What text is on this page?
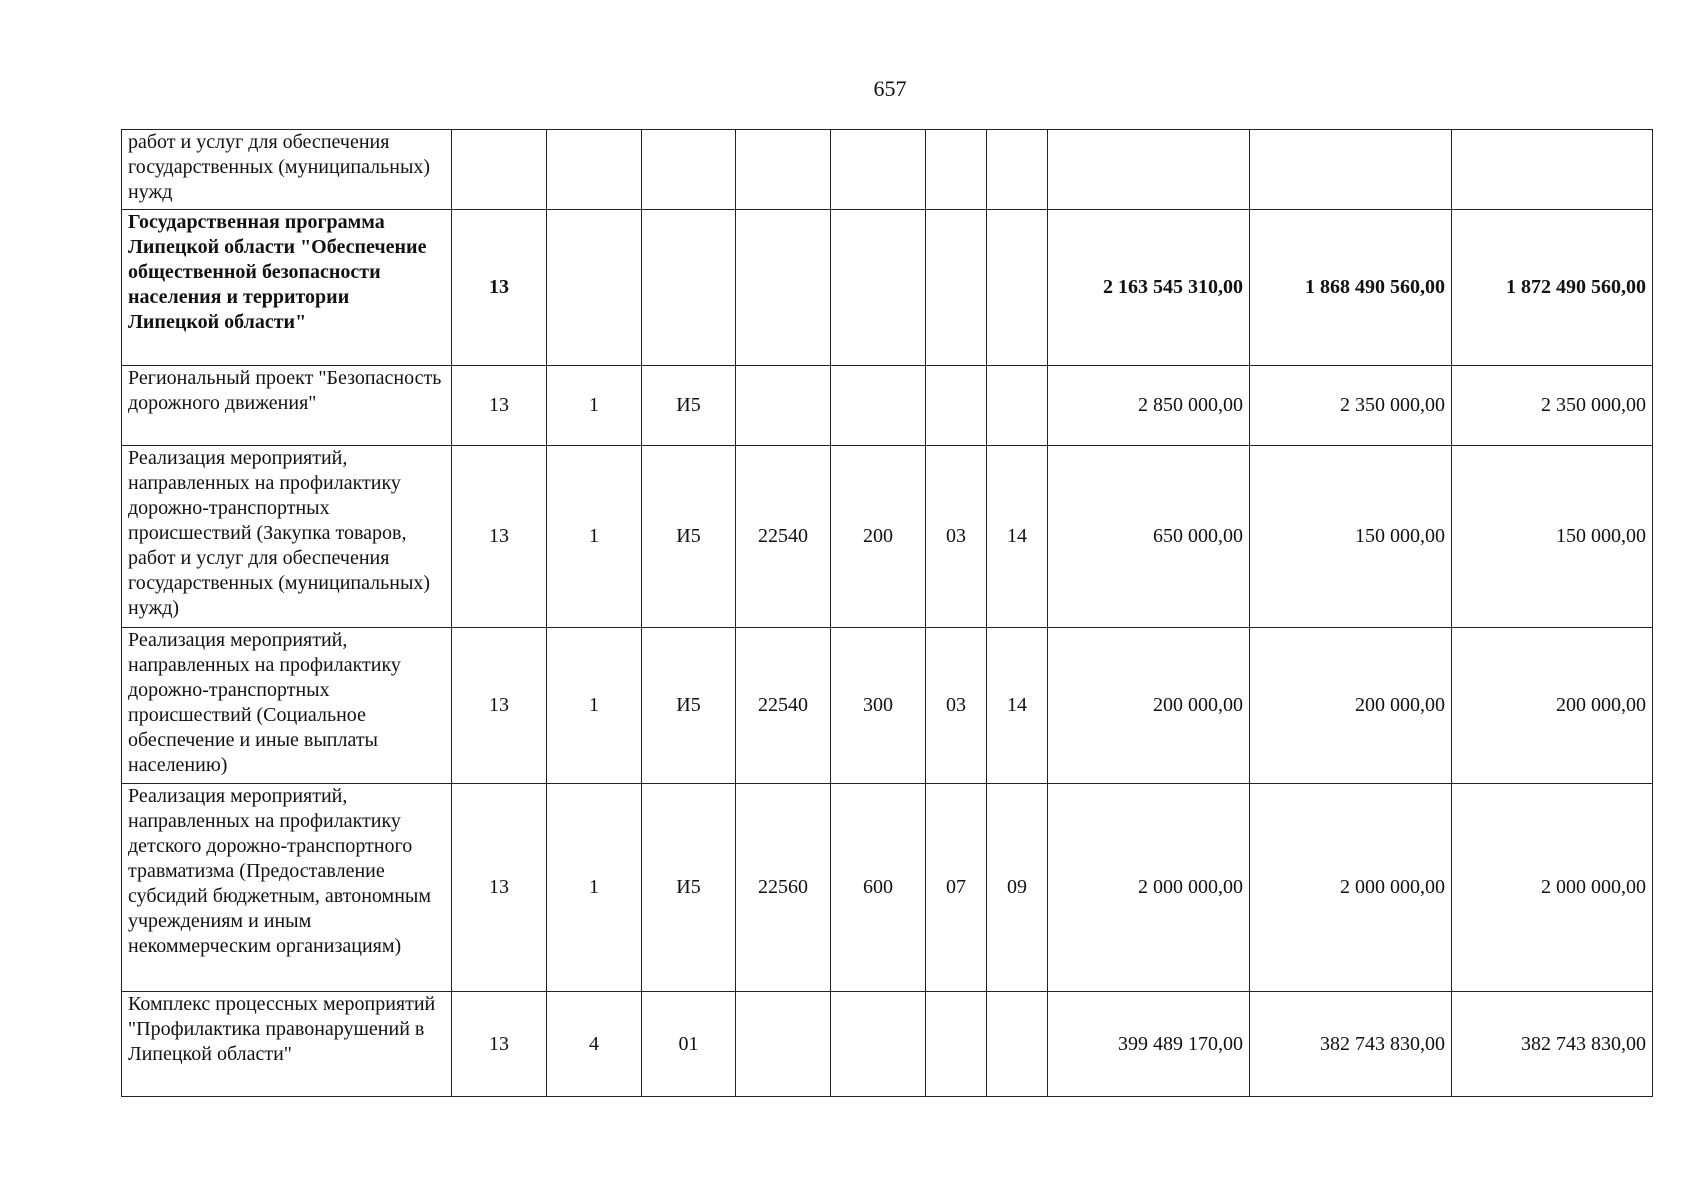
657
работ и услуг для обеспечения государственных (муниципальных) нужд										
Государственная программа Липецкой области "Обеспечение общественной безопасности населения и территории Липецкой области"	13							2 163 545 310,00	1 868 490 560,00	1 872 490 560,00
Региональный проект "Безопасность дорожного движения"	13	1	И5					2 850 000,00	2 350 000,00	2 350 000,00
Реализация мероприятий, направленных на профилактику дорожно-транспортных происшествий (Закупка товаров, работ и услуг для обеспечения государственных (муниципальных) нужд)	13	1	И5	22540	200	03	14	650 000,00	150 000,00	150 000,00
Реализация мероприятий, направленных на профилактику дорожно-транспортных происшествий (Социальное обеспечение и иные выплаты населению)	13	1	И5	22540	300	03	14	200 000,00	200 000,00	200 000,00
Реализация мероприятий, направленных на профилактику детского дорожно-транспортного травматизма (Предоставление субсидий бюджетным, автономным учреждениям и иным некоммерческим организациям)	13	1	И5	22560	600	07	09	2 000 000,00	2 000 000,00	2 000 000,00
Комплекс процессных мероприятий "Профилактика правонарушений в Липецкой области"	13	4	01					399 489 170,00	382 743 830,00	382 743 830,00
